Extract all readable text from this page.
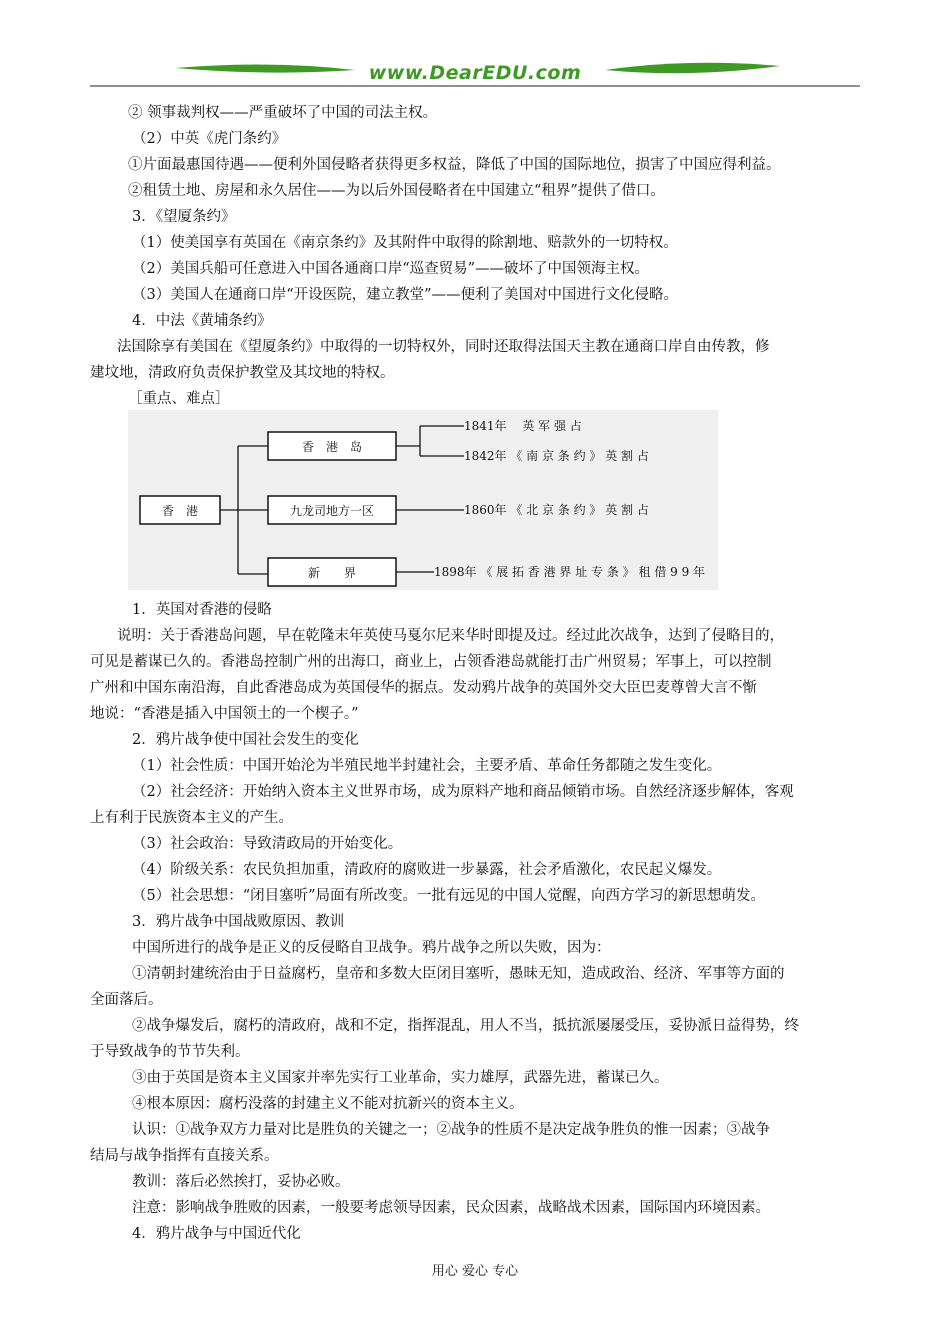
www.DearEDU.com
② 领事裁判权——严重破坏了中国的司法主权。
（2）中英《虎门条约》
①片面最惠国待遇——便利外国侵略者获得更多权益，降低了中国的国际地位，损害了中国应得利益。
②租赁土地、房屋和永久居住——为以后外国侵略者在中国建立“租界”提供了借口。
3．《望厦条约》
（1）使美国享有英国在《南京条约》及其附件中取得的除割地、赔款外的一切特权。
（2）美国兵船可任意进入中国各通商口岸“巡查贸易”——破坏了中国领海主权。
（3）美国人在通商口岸“开设医院，建立教堂”——便利了美国对中国进行文化侵略。
4．中法《黄埔条约》
法国除享有美国在《望厦条约》中取得的一切特权外，同时还取得法国天主教在通商口岸自由传教，修
建坟地，清政府负责保护教堂及其坟地的特权。
［重点、难点］
香　港
香　港　岛
1841年　 英 军 强 占
1842年 《 南 京 条 约 》 英 割 占
九龙司地方一区	1860年 《 北 京 条 约 》 英 割 占
新　　界	1898年 《 展 拓 香 港 界 址 专 条 》 租 借 9 9 年
1．英国对香港的侵略
说明：关于香港岛问题，早在乾隆末年英使马戛尔尼来华时即提及过。经过此次战争，达到了侵略目的，
可见是蓄谋已久的。香港岛控制广州的出海口，商业上，占领香港岛就能打击广州贸易；军事上，可以控制
广州和中国东南沿海，自此香港岛成为英国侵华的据点。发动鸦片战争的英国外交大臣巴麦尊曾大言不惭
地说：“香港是插入中国领土的一个楔子。”
2．鸦片战争使中国社会发生的变化
（1）社会性质：中国开始沦为半殖民地半封建社会，主要矛盾、革命任务都随之发生变化。
（2）社会经济：开始纳入资本主义世界市场，成为原料产地和商品倾销市场。自然经济逐步解体，客观
上有利于民族资本主义的产生。
（3）社会政治：导致清政局的开始变化。
（4）阶级关系：农民负担加重，清政府的腐败进一步暴露，社会矛盾激化，农民起义爆发。
（5）社会思想：“闭目塞听”局面有所改变。一批有远见的中国人觉醒，向西方学习的新思想萌发。
3．鸦片战争中国战败原因、教训
中国所进行的战争是正义的反侵略自卫战争。鸦片战争之所以失败，因为：
①清朝封建统治由于日益腐朽，皇帝和多数大臣闭目塞听，愚昧无知，造成政治、经济、军事等方面的
全面落后。
②战争爆发后，腐朽的清政府，战和不定，指挥混乱，用人不当，抵抗派屡屡受压，妥协派日益得势，终
于导致战争的节节失利。
③由于英国是资本主义国家并率先实行工业革命，实力雄厚，武器先进，蓄谋已久。
④根本原因：腐朽没落的封建主义不能对抗新兴的资本主义。
认识：①战争双方力量对比是胜负的关键之一；②战争的性质不是决定战争胜负的惟一因素；③战争
结局与战争指挥有直接关系。
教训：落后必然挨打，妥协必败。
注意：影响战争胜败的因素，一般要考虑领导因素，民众因素，战略战术因素，国际国内环境因素。
4．鸦片战争与中国近代化
用心 爱心 专心
